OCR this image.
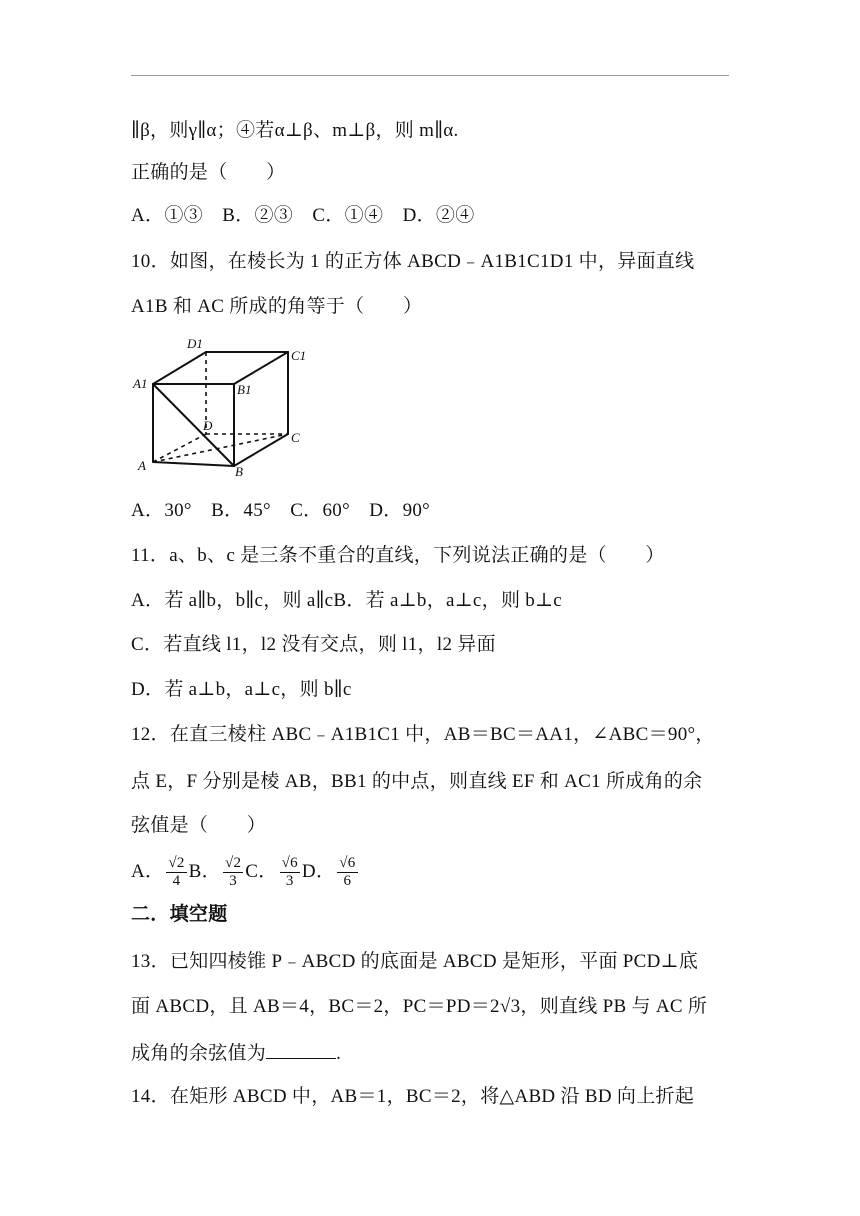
∥β，则γ∥α；④若α⊥β、m⊥β，则 m∥α.
正确的是（　　）
A．①③　B．②③　C．①④　D．②④
10．如图，在棱长为 1 的正方体 ABCD﹣A1B1C1D1 中，异面直线
A1B 和 AC 所成的角等于（　　）
D1
C1
A1	B1
D
C
A	B
A．30°　B．45°　C．60°　D．90°
11．a、b、c 是三条不重合的直线，下列说法正确的是（　　）
A．若 a∥b，b∥c，则 a∥cB．若 a⊥b，a⊥c，则 b⊥c
C．若直线 l1，l2 没有交点，则 l1，l2 异面
D．若 a⊥b，a⊥c，则 b∥c
12．在直三棱柱 ABC﹣A1B1C1 中，AB＝BC＝AA1，∠ABC＝90°，
点 E，F 分别是棱 AB，BB1 的中点，则直线 EF 和 AC1 所成角的余
弦值是（　　）
A． $\frac{√2}{4}$ B． $\frac{√2}{3}$ C． $\frac{√6}{3}$ D． $\frac{√6}{6}$
二．填空题
13．已知四棱锥 P﹣ABCD 的底面是 ABCD 是矩形，平面 PCD⊥底
面 ABCD，且 AB＝4，BC＝2，PC＝PD＝2√3，则直线 PB 与 AC 所
成角的余弦值为	.
14．在矩形 ABCD 中，AB＝1，BC＝2，将△ABD 沿 BD 向上折起
